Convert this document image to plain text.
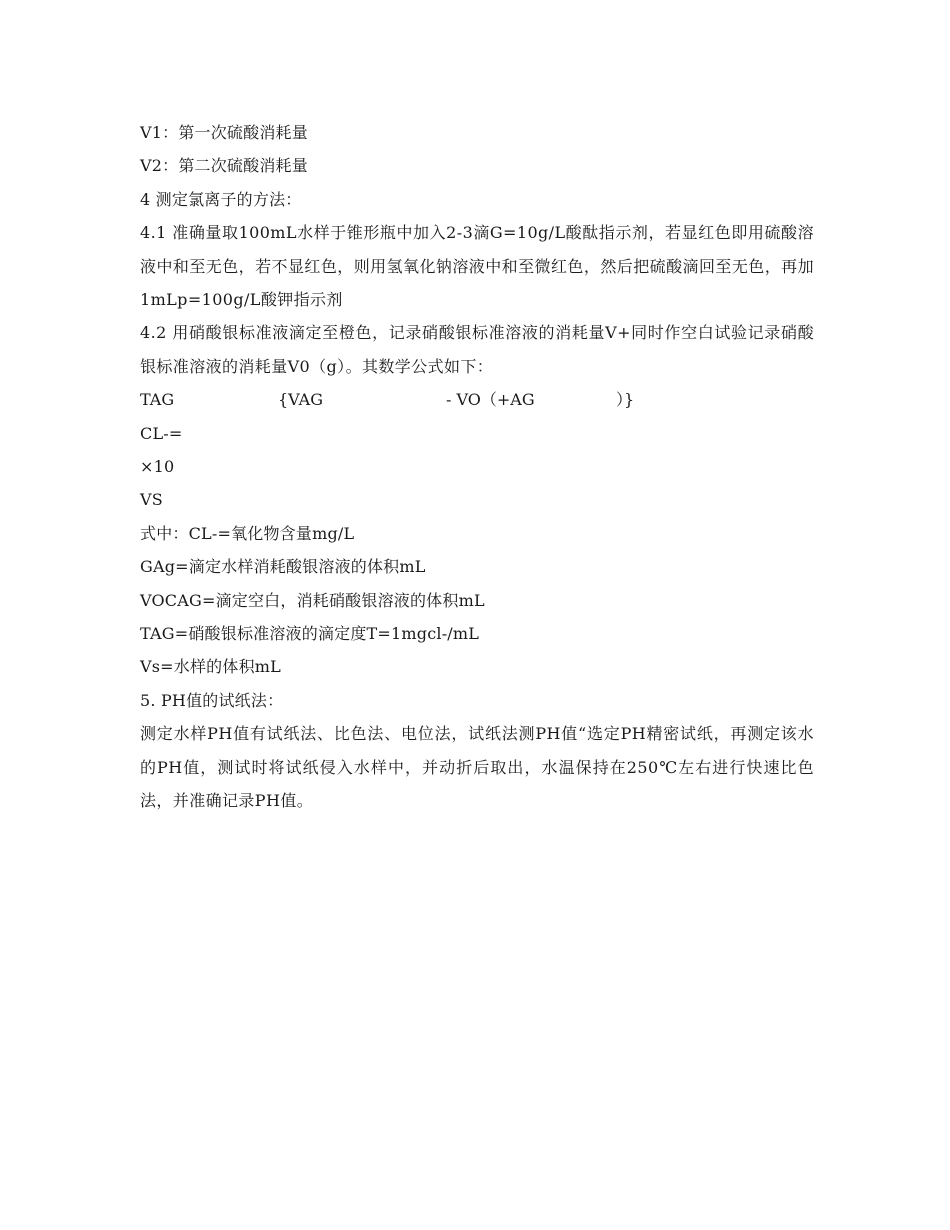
V1：第一次硫酸消耗量
V2：第二次硫酸消耗量
4 测定氯离子的方法：
4.1 准确量取100mL水样于锥形瓶中加入2-3滴G=10g/L酸酞指示剂，若显红色即用硫酸溶液中和至无色，若不显红色，则用氢氧化钠溶液中和至微红色，然后把硫酸滴回至无色，再加1mLp=100g/L酸钾指示剂
4.2 用硝酸银标准液滴定至橙色，记录硝酸银标准溶液的消耗量V+同时作空白试验记录硝酸银标准溶液的消耗量V0（g）。其数学公式如下：
TAG	{VAG	- VO（+AG	）}
CL-=
×10
VS
式中：CL-=氧化物含量mg/L
GAg=滴定水样消耗酸银溶液的体积mL
VOCAG=滴定空白，消耗硝酸银溶液的体积mL
TAG=硝酸银标准溶液的滴定度T=1mgcl-/mL
Vs=水样的体积mL
5. PH值的试纸法：
测定水样PH值有试纸法、比色法、电位法，试纸法测PH值“选定PH精密试纸，再测定该水的PH值，测试时将试纸侵入水样中，并动折后取出，水温保持在250℃左右进行快速比色法，并准确记录PH值。
